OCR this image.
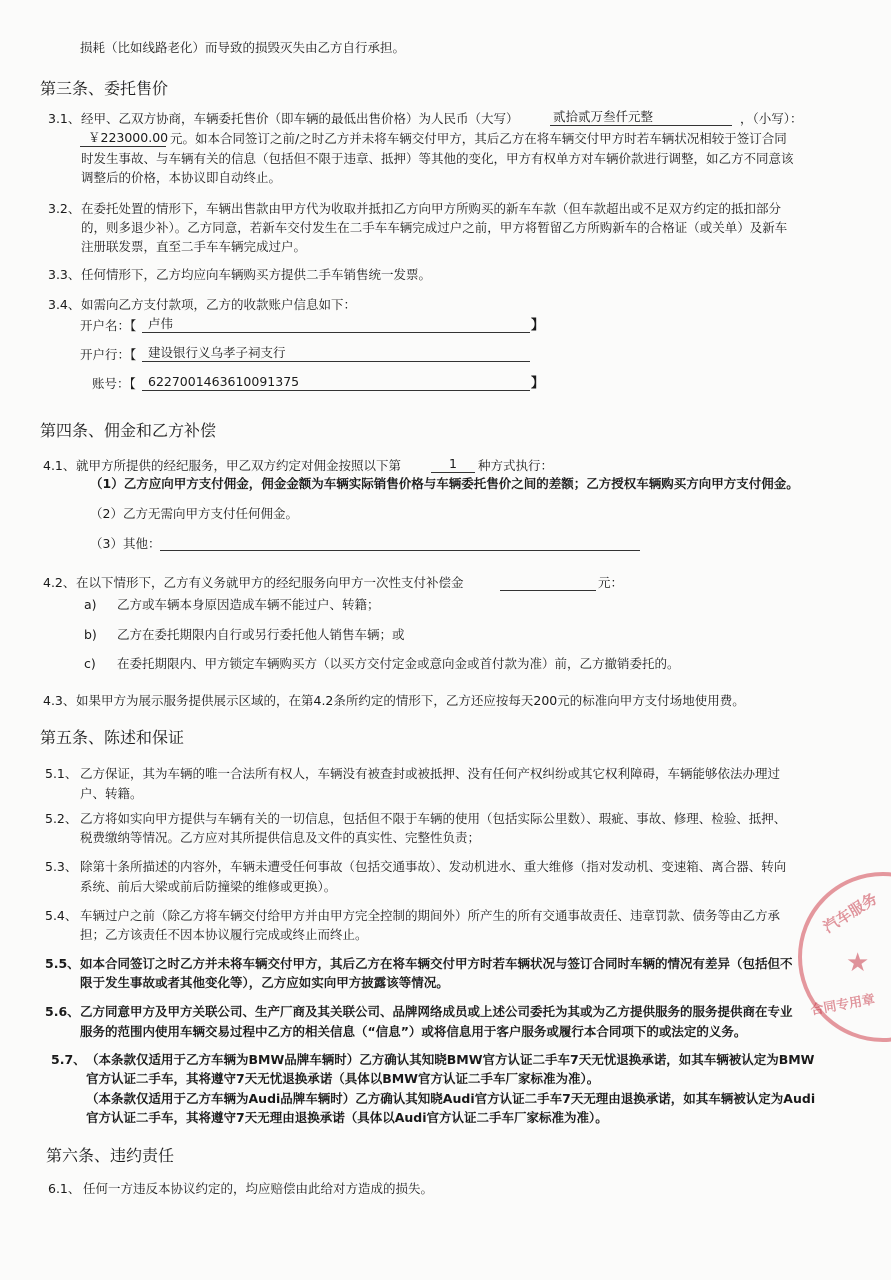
损耗（比如线路老化）而导致的损毁灭失由乙方自行承担。
第三条、委托售价
3.1、 经甲、乙双方协商，车辆委托售价（即车辆的最低出售价格）为人民币（大写）	贰拾贰万叁仟元整	，（小写）：
￥223000.00 元。如本合同签订之前/之时乙方并未将车辆交付甲方，其后乙方在将车辆交付甲方时若车辆状况相较于签订合同
时发生事故、与车辆有关的信息（包括但不限于违章、抵押）等其他的变化，甲方有权单方对车辆价款进行调整，如乙方不同意该
调整后的价格，本协议即自动终止。
3.2、 在委托处置的情形下，车辆出售款由甲方代为收取并抵扣乙方向甲方所购买的新车车款（但车款超出或不足双方约定的抵扣部分
的，则多退少补）。乙方同意，若新车交付发生在二手车车辆完成过户之前，甲方将暂留乙方所购新车的合格证（或关单）及新车
注册联发票，直至二手车车辆完成过户。
3.3、 任何情形下，乙方均应向车辆购买方提供二手车销售统一发票。
3.4、 如需向乙方支付款项，乙方的收款账户信息如下：
开户名：【 卢伟	】
开户行：【 建设银行义乌孝子祠支行
账号：【 6227001463610091375	】
第四条、佣金和乙方补偿
4.1、 就甲方所提供的经纪服务，甲乙双方约定对佣金按照以下第	1	种方式执行：
（1）乙方应向甲方支付佣金，佣金金额为车辆实际销售价格与车辆委托售价之间的差额；乙方授权车辆购买方向甲方支付佣金。
（2）乙方无需向甲方支付任何佣金。
（3）其他：
4.2、 在以下情形下，乙方有义务就甲方的经纪服务向甲方一次性支付补偿金	元：
a) 乙方或车辆本身原因造成车辆不能过户、转籍；
b) 乙方在委托期限内自行或另行委托他人销售车辆；或
c) 在委托期限内、甲方锁定车辆购买方（以买方交付定金或意向金或首付款为准）前，乙方撤销委托的。
4.3、 如果甲方为展示服务提供展示区域的，在第4.2条所约定的情形下，乙方还应按每天200元的标准向甲方支付场地使用费。
第五条、陈述和保证
5.1、 乙方保证，其为车辆的唯一合法所有权人，车辆没有被查封或被抵押、没有任何产权纠纷或其它权利障碍，车辆能够依法办理过
户、转籍。
5.2、 乙方将如实向甲方提供与车辆有关的一切信息，包括但不限于车辆的使用（包括实际公里数）、瑕疵、事故、修理、检验、抵押、
税费缴纳等情况。乙方应对其所提供信息及文件的真实性、完整性负责；
5.3、 除第十条所描述的内容外，车辆未遭受任何事故（包括交通事故）、发动机进水、重大维修（指对发动机、变速箱、离合器、转向
系统、前后大梁或前后防撞梁的维修或更换）。
5.4、 车辆过户之前（除乙方将车辆交付给甲方并由甲方完全控制的期间外）所产生的所有交通事故责任、违章罚款、债务等由乙方承
担；乙方该责任不因本协议履行完成或终止而终止。
5.5、 如本合同签订之时乙方并未将车辆交付甲方，其后乙方在将车辆交付甲方时若车辆状况与签订合同时车辆的情况有差异（包括但不
限于发生事故或者其他变化等），乙方应如实向甲方披露该等情况。
5.6、 乙方同意甲方及甲方关联公司、生产厂商及其关联公司、品牌网络成员或上述公司委托为其或为乙方提供服务的服务提供商在专业
服务的范围内使用车辆交易过程中乙方的相关信息（“信息”）或将信息用于客户服务或履行本合同项下的或法定的义务。
5.7、 （本条款仅适用于乙方车辆为BMW品牌车辆时）乙方确认其知晓BMW官方认证二手车7天无忧退换承诺，如其车辆被认定为BMW
官方认证二手车，其将遵守7天无忧退换承诺（具体以BMW官方认证二手车厂家标准为准）。
（本条款仅适用于乙方车辆为Audi品牌车辆时）乙方确认其知晓Audi官方认证二手车7天无理由退换承诺，如其车辆被认定为Audi
官方认证二手车，其将遵守7天无理由退换承诺（具体以Audi官方认证二手车厂家标准为准）。
第六条、违约责任
6.1、 任何一方违反本协议约定的，均应赔偿由此给对方造成的损失。
汽车服务
★
合同专用章
